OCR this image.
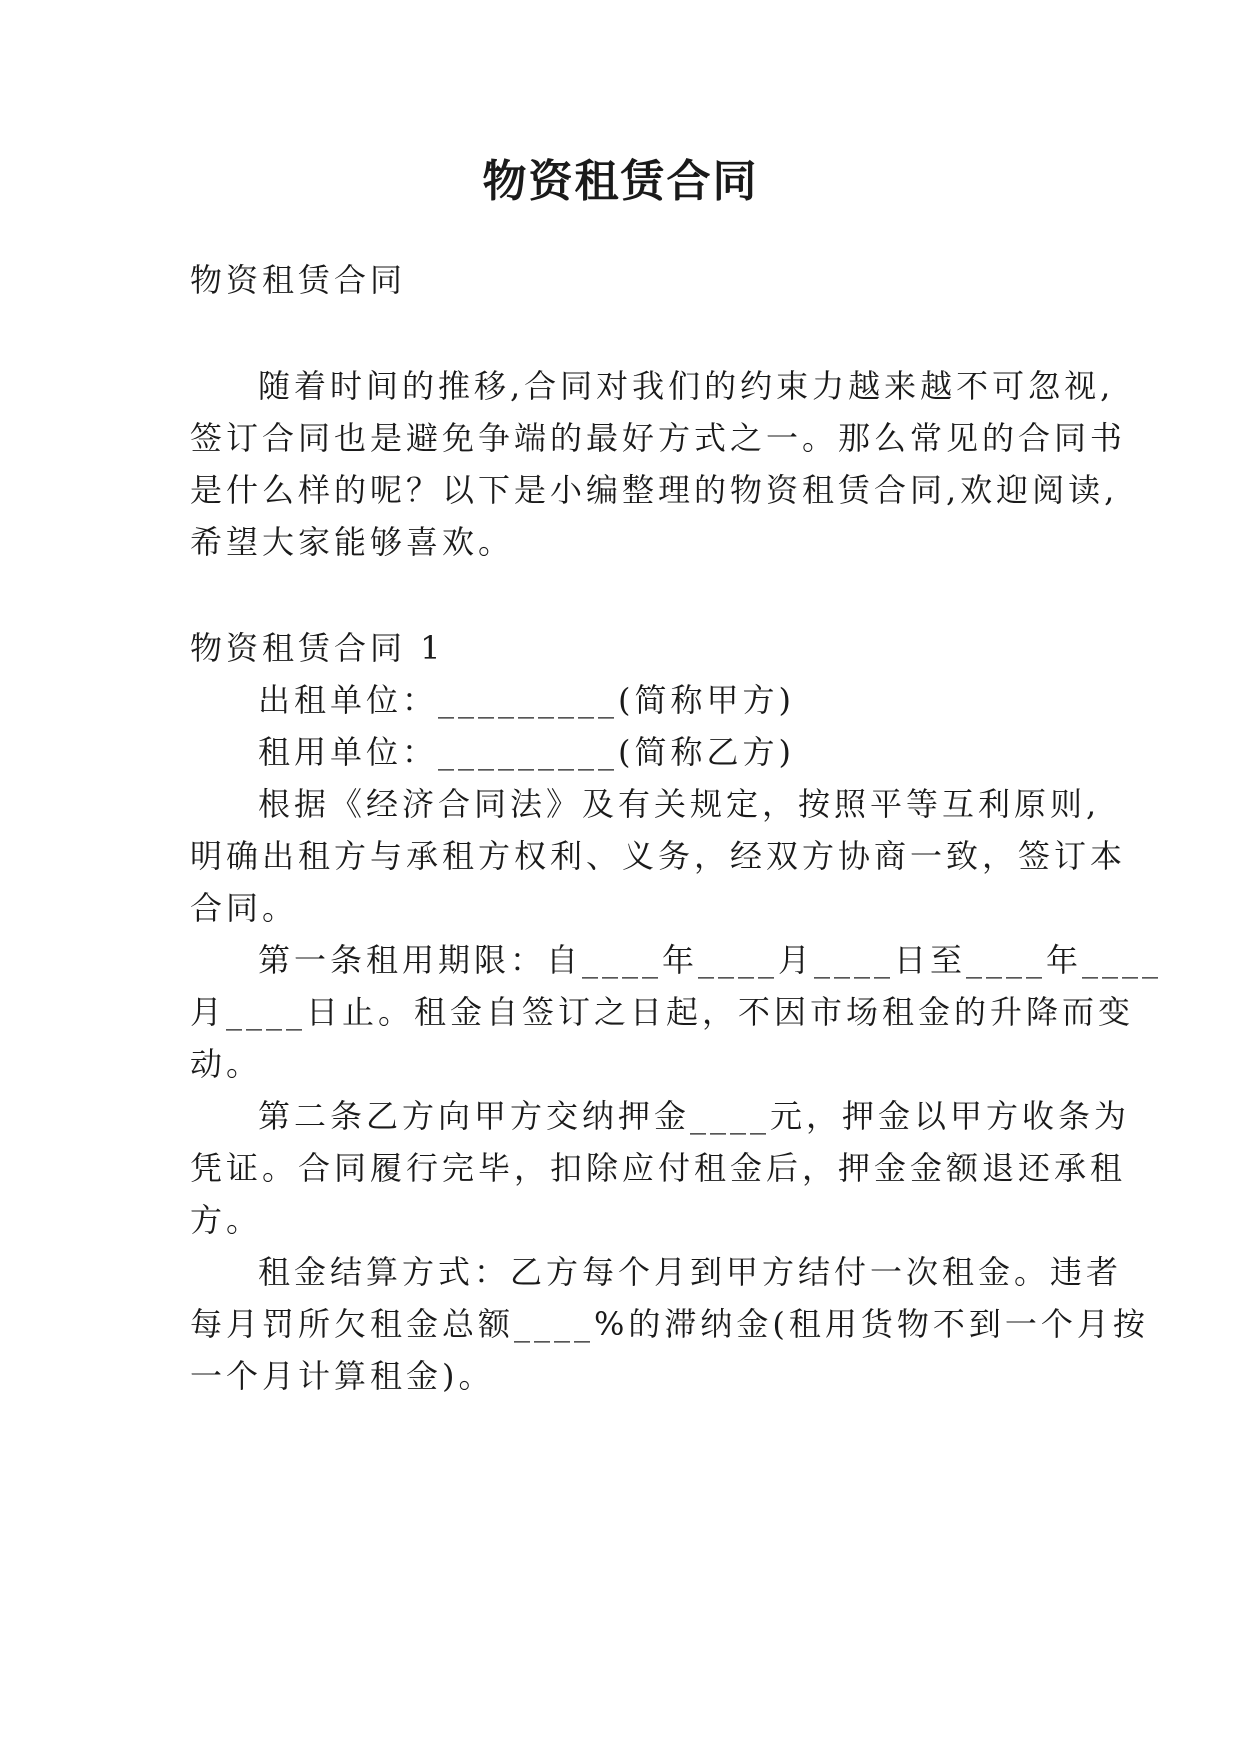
物资租赁合同

物资租赁合同

随着时间的推移,合同对我们的约束力越来越不可忽视,

签订合同也是避免争端的最好方式之一。那么常见的合同书

是什么样的呢？以下是小编整理的物资租赁合同,欢迎阅读,

希望大家能够喜欢。

物资租赁合同 1

出租单位：_________(简称甲方)

租用单位：_________(简称乙方)

根据《经济合同法》及有关规定，按照平等互利原则,

明确出租方与承租方权利、义务，经双方协商一致，签订本

合同。

第一条租用期限：自____年____月____日至____年____

月____日止。租金自签订之日起，不因市场租金的升降而变

动。

第二条乙方向甲方交纳押金____元，押金以甲方收条为

凭证。合同履行完毕，扣除应付租金后，押金金额退还承租

方。

租金结算方式：乙方每个月到甲方结付一次租金。违者

每月罚所欠租金总额____%的滞纳金(租用货物不到一个月按

一个月计算租金)。
